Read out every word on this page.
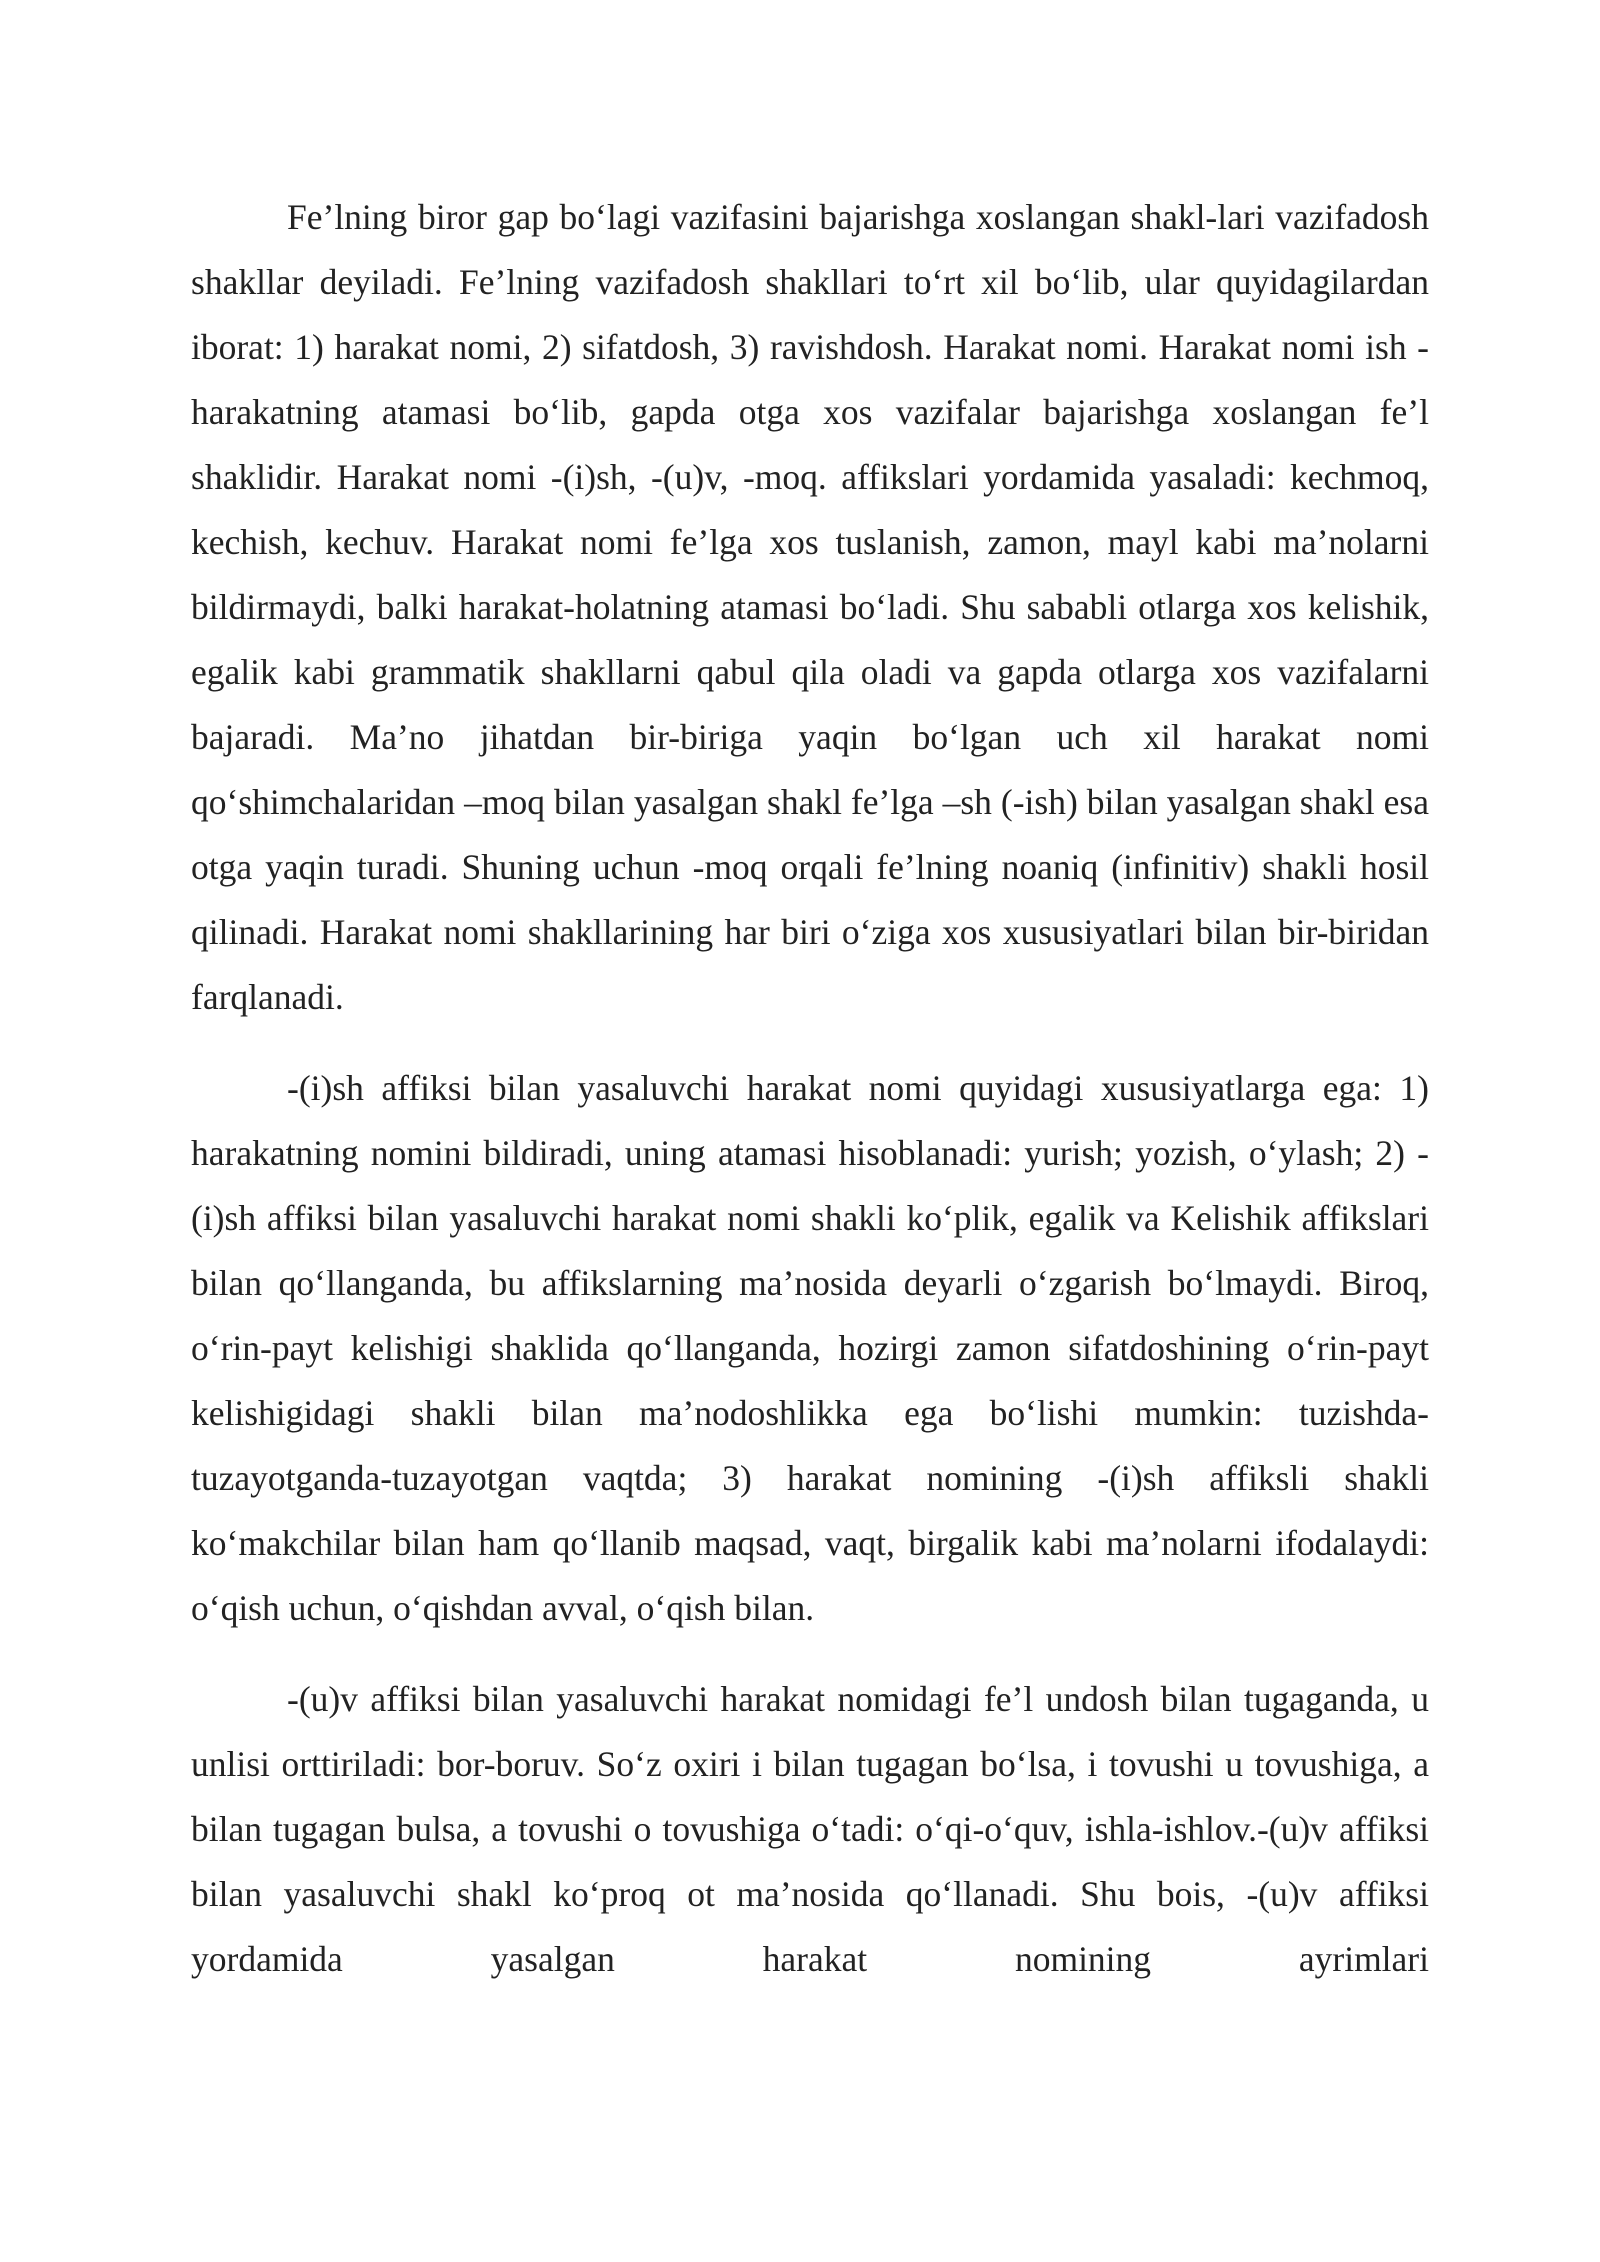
Fe’lning biror gap bo‘lagi vazifasini bajarishga xoslangan shakl-lari vazifadosh shakllar deyiladi. Fe’lning vazifadosh shakllari to‘rt xil bo‘lib, ular quyidagilardan iborat: 1) harakat nomi, 2) sifatdosh, 3) ravishdosh. Harakat nomi. Harakat nomi ish - harakatning atamasi bo‘lib, gapda otga xos vazifalar bajarishga xoslangan fe’l shaklidir. Harakat nomi -(i)sh, -(u)v, -moq. affikslari yordamida yasaladi: kechmoq, kechish, kechuv. Harakat nomi fe’lga xos tuslanish, zamon, mayl kabi ma’nolarni bildirmaydi, balki harakat-holatning atamasi bo‘ladi. Shu sababli otlarga xos kelishik, egalik kabi grammatik shakllarni qabul qila oladi va gapda otlarga xos vazifalarni bajaradi. Ma’no jihatdan bir-biriga yaqin bo‘lgan uch xil harakat nomi qo‘shimchalaridan –moq bilan yasalgan shakl fe’lga –sh (-ish) bilan yasalgan shakl esa otga yaqin turadi. Shuning uchun -moq orqali fe’lning noaniq (infinitiv) shakli hosil qilinadi. Harakat nomi shakllarining har biri o‘ziga xos xususiyatlari bilan bir-biridan farqlanadi.

-(i)sh affiksi bilan yasaluvchi harakat nomi quyidagi xususiyatlarga ega: 1) harakatning nomini bildiradi, uning atamasi hisoblanadi: yurish; yozish, o‘ylash; 2) -(i)sh affiksi bilan yasaluvchi harakat nomi shakli ko‘plik, egalik va Kelishik affikslari bilan qo‘llanganda, bu affikslarning ma’nosida deyarli o‘zgarish bo‘lmaydi. Biroq, o‘rin-payt kelishigi shaklida qo‘llanganda, hozirgi zamon sifatdoshining o‘rin-payt kelishigidagi shakli bilan ma’nodoshlikka ega bo‘lishi mumkin: tuzishda-tuzayotganda-tuzayotgan vaqtda; 3) harakat nomining -(i)sh affiksli shakli ko‘makchilar bilan ham qo‘llanib maqsad, vaqt, birgalik kabi ma’nolarni ifodalaydi: o‘qish uchun, o‘qishdan avval, o‘qish bilan.

-(u)v affiksi bilan yasaluvchi harakat nomidagi fe’l undosh bilan tugaganda, u unlisi orttiriladi: bor-boruv. So‘z oxiri i bilan tugagan bo‘lsa, i tovushi u tovushiga, a bilan tugagan bulsa, a tovushi o tovushiga o‘tadi: o‘qi-o‘quv, ishla-ishlov.-(u)v affiksi bilan yasaluvchi shakl ko‘proq ot ma’nosida qo‘llanadi. Shu bois, -(u)v affiksi yordamida yasalgan harakat nomining ayrimlari
